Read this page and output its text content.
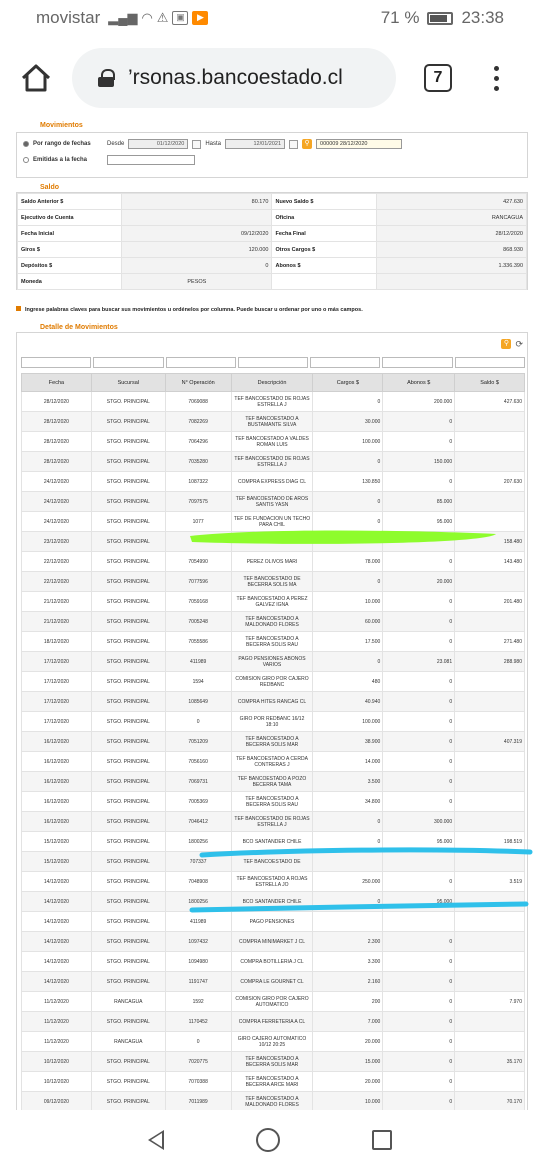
movistar ▂▄▆ ◠ ⚠ ▣	▶	71 % 23:38
’rsonas.bancoestado.cl	7
Movimientos
Por rango de fechas	Desde	01/12/2020	Hasta	12/01/2021	⚲	000009 28/12/2020
Emitidas a la fecha

Saldo
Saldo Anterior $	80.170	Nuevo Saldo $	427.630
Ejecutivo de Cuenta		Oficina	RANCAGUA
Fecha Inicial	09/12/2020	Fecha Final	28/12/2020
Giros $	120.000	Otros Cargos $	868.930
Depósitos $	0	Abonos $	1.336.390
Moneda	PESOS		
Ingrese palabras claves para buscar sus movimientos u ordénelos por columna. Puede buscar u ordenar por uno o más campos.
Detalle de Movimientos
⚲ ⟳
Fecha	Sucursal	N° Operación	Descripción	Cargos $	Abonos $	Saldo $
28/12/2020	STGO. PRINCIPAL	7069088	TEF BANCOESTADO DE ROJAS ESTRELLA J	0	200.000	427.630
28/12/2020	STGO. PRINCIPAL	7082269	TEF BANCOESTADO A BUSTAMANTE SILVA	30.000	0	
28/12/2020	STGO. PRINCIPAL	7064296	TEF BANCOESTADO A VALDES ROMAN LUIS	100.000	0	
28/12/2020	STGO. PRINCIPAL	7035280	TEF BANCOESTADO DE ROJAS ESTRELLA J	0	150.000	
24/12/2020	STGO. PRINCIPAL	1087322	COMPRA EXPRESS DIAG CL	130.850	0	207.630
24/12/2020	STGO. PRINCIPAL	7097575	TEF BANCOESTADO DE AROS SANTIS YASN	0	85.000	
24/12/2020	STGO. PRINCIPAL	1077	TEF DE FUNDACION UN TECHO PARA CHIL	0	95.000	
23/12/2020	STGO. PRINCIPAL					158.480
22/12/2020	STGO. PRINCIPAL	7054990	PEREZ OLIVOS MARI	78.000	0	143.480
22/12/2020	STGO. PRINCIPAL	7077596	TEF BANCOESTADO DE BECERRA SOLIS MA	0	20.000	
21/12/2020	STGO. PRINCIPAL	7059168	TEF BANCOESTADO A PEREZ GALVEZ IGNA	10.000	0	201.480
21/12/2020	STGO. PRINCIPAL	7005248	TEF BANCOESTADO A MALDONADO FLORES	60.000	0	
18/12/2020	STGO. PRINCIPAL	7055586	TEF BANCOESTADO A BECERRA SOLIS RAU	17.500	0	271.480
17/12/2020	STGO. PRINCIPAL	411989	PAGO PENSIONES ABONOS VARIOS	0	23.081	288.980
17/12/2020	STGO. PRINCIPAL	1594	COMISION GIRO POR CAJERO REDBANC	480	0	
17/12/2020	STGO. PRINCIPAL	1085649	COMPRA HITES RANCAG CL	40.940	0	
17/12/2020	STGO. PRINCIPAL	0	GIRO POR REDBANC 16/12 18:10	100.000	0	
16/12/2020	STGO. PRINCIPAL	7051209	TEF BANCOESTADO A BECERRA SOLIS MAR	38.900	0	407.319
16/12/2020	STGO. PRINCIPAL	7056160	TEF BANCOESTADO A CERDA CONTRERAS J	14.000	0	
16/12/2020	STGO. PRINCIPAL	7069731	TEF BANCOESTADO A POZO BECERRA TAMA	3.500	0	
16/12/2020	STGO. PRINCIPAL	7005369	TEF BANCOESTADO A BECERRA SOLIS RAU	34.800	0	
16/12/2020	STGO. PRINCIPAL	7046412	TEF BANCOESTADO DE ROJAS ESTRELLA J	0	300.000	
15/12/2020	STGO. PRINCIPAL	1800256	BCO SANTANDER CHILE	0	95.000	198.519
15/12/2020	STGO. PRINCIPAL	707337	TEF BANCOESTADO DE			
14/12/2020	STGO. PRINCIPAL	7048908	TEF BANCOESTADO A ROJAS ESTRELLA JO	250.000	0	3.519
14/12/2020	STGO. PRINCIPAL	1800256	BCO SANTANDER CHILE	0	95.000	
14/12/2020	STGO. PRINCIPAL	411989	PAGO PENSIONES			
14/12/2020	STGO. PRINCIPAL	1097432	COMPRA MINIMARKET J CL	2.300	0	
14/12/2020	STGO. PRINCIPAL	1094980	COMPRA BOTILLERIA J CL	3.300	0	
14/12/2020	STGO. PRINCIPAL	1191747	COMPRA LE GOURNET CL	2.160	0	
11/12/2020	RANCAGUA	1592	COMISION GIRO POR CAJERO AUTOMATICO	200	0	7.970
11/12/2020	STGO. PRINCIPAL	1170452	COMPRA FERRETERIA A CL	7.000	0	
11/12/2020	RANCAGUA	0	GIRO CAJERO AUTOMATICO 10/12 20:25	20.000	0	
10/12/2020	STGO. PRINCIPAL	7020775	TEF BANCOESTADO A BECERRA SOLIS MAR	15.000	0	35.170
10/12/2020	STGO. PRINCIPAL	7070388	TEF BANCOESTADO A BECERRA ARCE MARI	20.000	0	
09/12/2020	STGO. PRINCIPAL	7011989	TEF BANCOESTADO A MALDONADO FLORES	10.000	0	70.170
